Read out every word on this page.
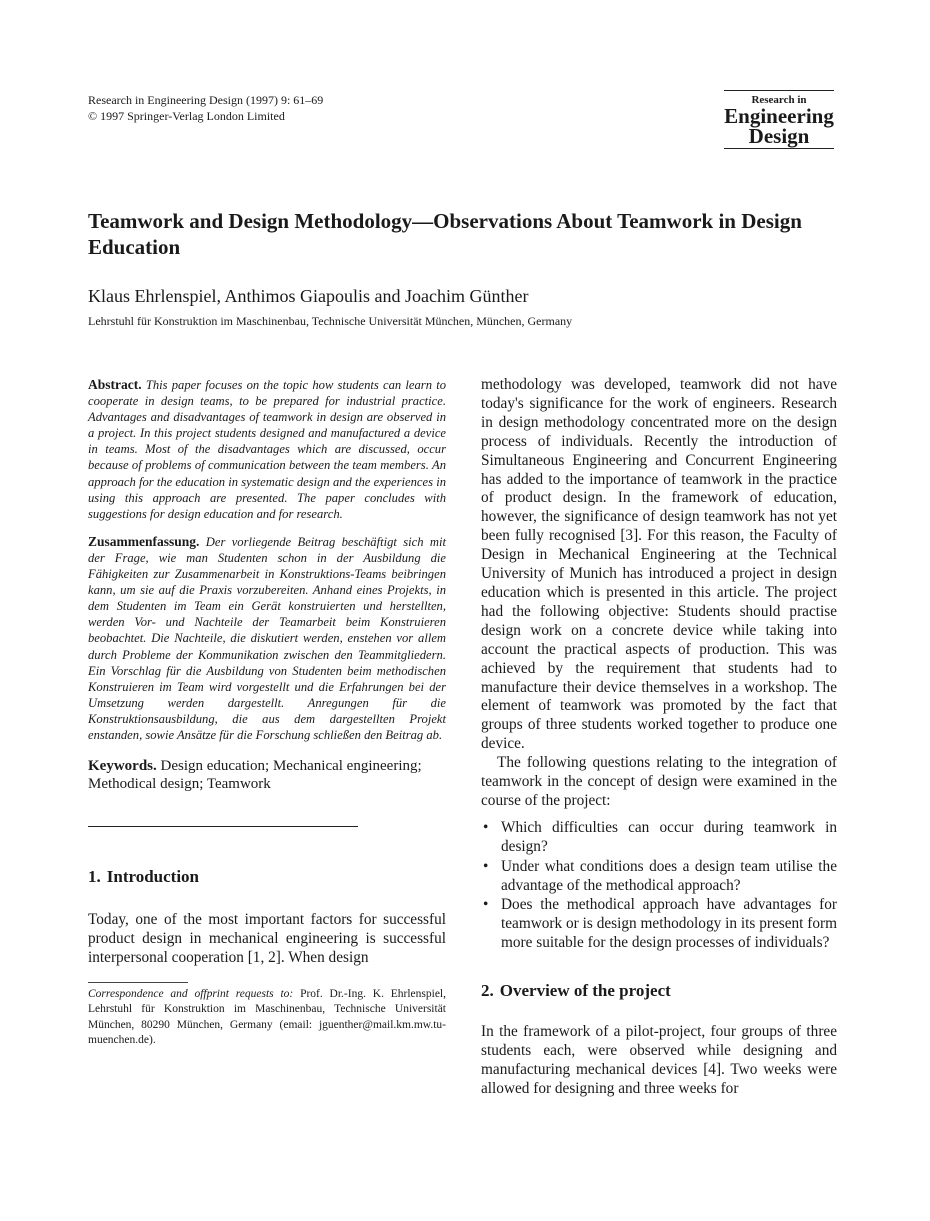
Research in Engineering Design (1997) 9: 61–69
© 1997 Springer-Verlag London Limited
Research in
Engineering
Design
Teamwork and Design Methodology—Observations About Teamwork in Design Education
Klaus Ehrlenspiel, Anthimos Giapoulis and Joachim Günther
Lehrstuhl für Konstruktion im Maschinenbau, Technische Universität München, München, Germany

Abstract. This paper focuses on the topic how students can learn to cooperate in design teams, to be prepared for industrial practice. Advantages and disadvantages of teamwork in design are observed in a project. In this project students designed and manufactured a device in teams. Most of the disadvantages which are discussed, occur because of problems of communication between the team members. An approach for the education in systematic design and the experiences in using this approach are presented. The paper concludes with suggestions for design education and for research.

Zusammenfassung. Der vorliegende Beitrag beschäftigt sich mit der Frage, wie man Studenten schon in der Ausbildung die Fähigkeiten zur Zusammenarbeit in Konstruktions-Teams beibringen kann, um sie auf die Praxis vorzubereiten. Anhand eines Projekts, in dem Studenten im Team ein Gerät konstruierten und herstellten, werden Vor- und Nachteile der Teamarbeit beim Konstruieren beobachtet. Die Nachteile, die diskutiert werden, enstehen vor allem durch Probleme der Kommunikation zwischen den Teammitgliedern. Ein Vorschlag für die Ausbildung von Studenten beim methodischen Konstruieren im Team wird vorgestellt und die Erfahrungen bei der Umsetzung werden dargestellt. Anregungen für die Konstruktionsausbildung, die aus dem dargestellten Projekt enstanden, sowie Ansätze für die Forschung schließen den Beitrag ab.

Keywords. Design education; Mechanical engineering; Methodical design; Teamwork
1. Introduction

Today, one of the most important factors for successful product design in mechanical engineering is successful interpersonal cooperation [1, 2]. When design

Correspondence and offprint requests to: Prof. Dr.-Ing. K. Ehrlenspiel, Lehrstuhl für Konstruktion im Maschinenbau, Technische Universität München, 80290 München, Germany (email: jguenther@mail.km.mw.tu-muenchen.de).

methodology was developed, teamwork did not have today's significance for the work of engineers. Research in design methodology concentrated more on the design process of individuals. Recently the introduction of Simultaneous Engineering and Concurrent Engineering has added to the importance of teamwork in the practice of product design. In the framework of education, however, the significance of design teamwork has not yet been fully recognised [3]. For this reason, the Faculty of Design in Mechanical Engineering at the Technical University of Munich has introduced a project in design education which is presented in this article. The project had the following objective: Students should practise design work on a concrete device while taking into account the practical aspects of production. This was achieved by the requirement that students had to manufacture their device themselves in a workshop. The element of teamwork was promoted by the fact that groups of three students worked together to produce one device.

The following questions relating to the integration of teamwork in the concept of design were examined in the course of the project:

• Which difficulties can occur during teamwork in design?
• Under what conditions does a design team utilise the advantage of the methodical approach?
• Does the methodical approach have advantages for teamwork or is design methodology in its present form more suitable for the design processes of individuals?
2. Overview of the project

In the framework of a pilot-project, four groups of three students each, were observed while designing and manufacturing mechanical devices [4]. Two weeks were allowed for designing and three weeks for
